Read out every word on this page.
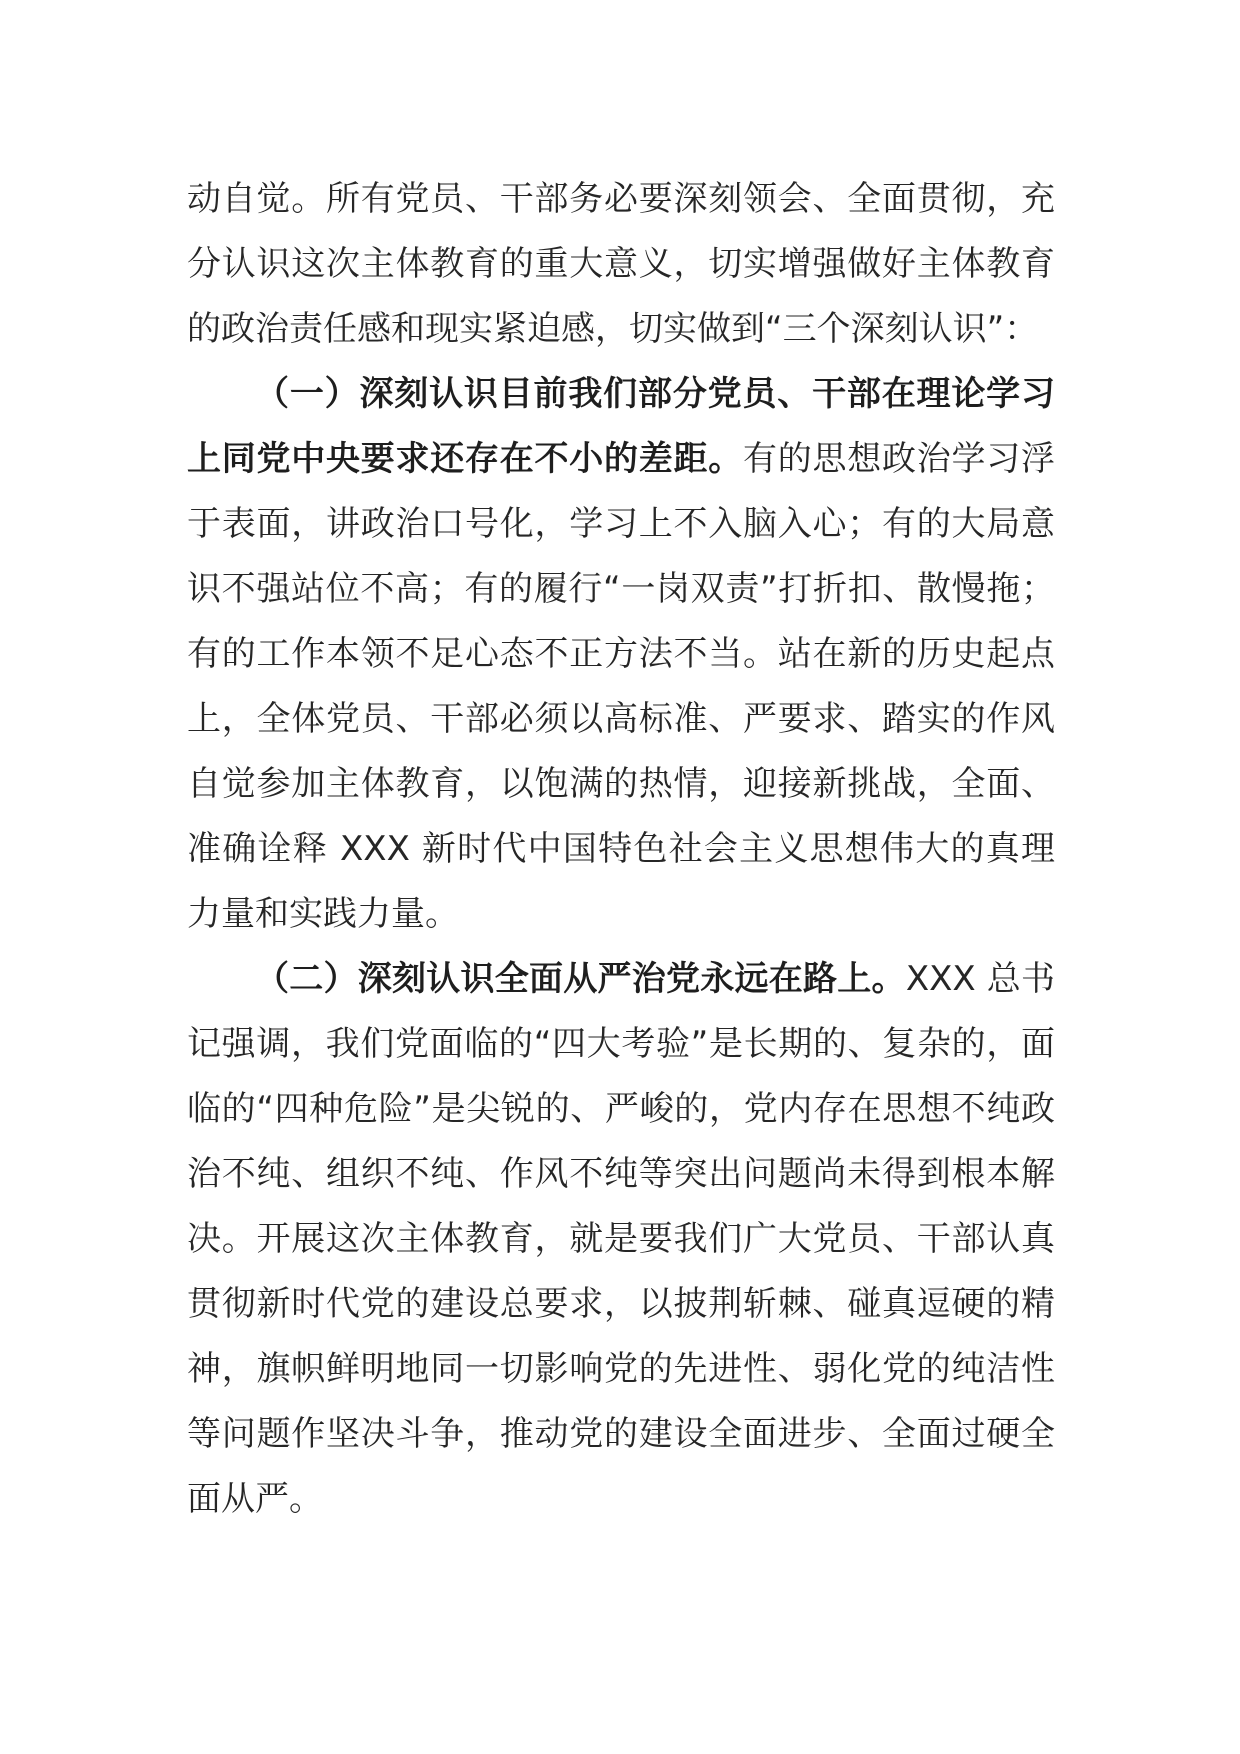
动自觉。所有党员、干部务必要深刻领会、全面贯彻，充分认识这次主体教育的重大意义，切实增强做好主体教育的政治责任感和现实紧迫感，切实做到“三个深刻认识”：

（一）深刻认识目前我们部分党员、干部在理论学习上同党中央要求还存在不小的差距。有的思想政治学习浮于表面，讲政治口号化，学习上不入脑入心；有的大局意识不强站位不高；有的履行“一岗双责”打折扣、散慢拖；有的工作本领不足心态不正方法不当。站在新的历史起点上，全体党员、干部必须以高标准、严要求、踏实的作风自觉参加主体教育，以饱满的热情，迎接新挑战，全面、准确诠释 XXX 新时代中国特色社会主义思想伟大的真理力量和实践力量。

（二）深刻认识全面从严治党永远在路上。XXX 总书记强调，我们党面临的“四大考验”是长期的、复杂的，面临的“四种危险”是尖锐的、严峻的，党内存在思想不纯政治不纯、组织不纯、作风不纯等突出问题尚未得到根本解决。开展这次主体教育，就是要我们广大党员、干部认真贯彻新时代党的建设总要求，以披荆斩棘、碰真逗硬的精神，旗帜鲜明地同一切影响党的先进性、弱化党的纯洁性等问题作坚决斗争，推动党的建设全面进步、全面过硬全面从严。
